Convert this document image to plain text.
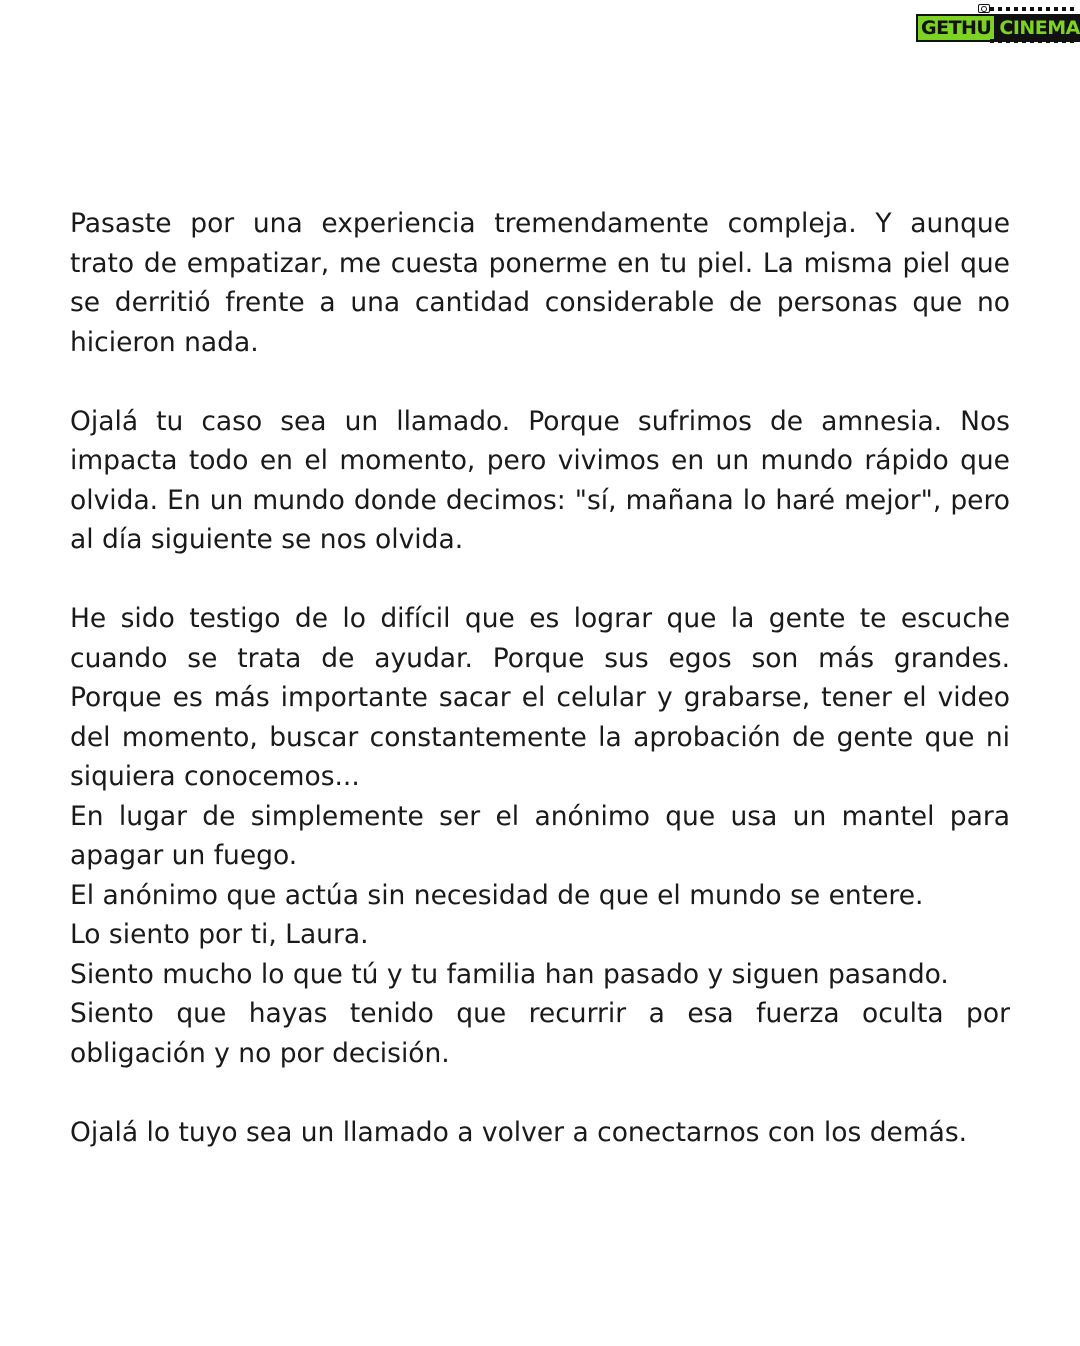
GETHU CINEMA
Pasaste por una experiencia tremendamente compleja. Y aunque
trato de empatizar, me cuesta ponerme en tu piel. La misma piel que
se derritió frente a una cantidad considerable de personas que no
hicieron nada.
Ojalá tu caso sea un llamado. Porque sufrimos de amnesia. Nos
impacta todo en el momento, pero vivimos en un mundo rápido que
olvida. En un mundo donde decimos: "sí, mañana lo haré mejor", pero
al día siguiente se nos olvida.
He sido testigo de lo difícil que es lograr que la gente te escuche
cuando se trata de ayudar. Porque sus egos son más grandes.
Porque es más importante sacar el celular y grabarse, tener el video
del momento, buscar constantemente la aprobación de gente que ni
siquiera conocemos...
En lugar de simplemente ser el anónimo que usa un mantel para
apagar un fuego.
El anónimo que actúa sin necesidad de que el mundo se entere.
Lo siento por ti, Laura.
Siento mucho lo que tú y tu familia han pasado y siguen pasando.
Siento que hayas tenido que recurrir a esa fuerza oculta por
obligación y no por decisión.
Ojalá lo tuyo sea un llamado a volver a conectarnos con los demás.
